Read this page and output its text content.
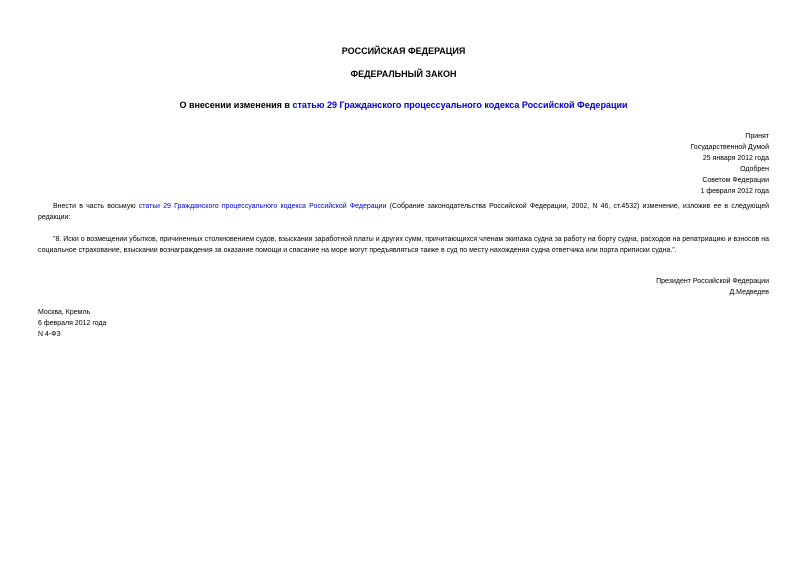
РОССИЙСКАЯ ФЕДЕРАЦИЯ
ФЕДЕРАЛЬНЫЙ ЗАКОН
О внесении изменения в статью 29 Гражданского процессуального кодекса Российской Федерации
Принят
Государственной Думой
25 января 2012 года
Одобрен
Советом Федерации
1 февраля 2012 года
Внести в часть восьмую статьи 29 Гражданского процессуального кодекса Российской Федерации (Собрание законодательства Российской Федерации, 2002, N 46, ст.4532) изменение, изложив ее в следующей редакции:
"8. Иски о возмещении убытков, причиненных столкновением судов, взыскании заработной платы и других сумм, причитающихся членам экипажа судна за работу на борту судна, расходов на репатриацию и взносов на социальное страхование, взыскании вознаграждения за оказание помощи и спасание на море могут предъявляться также в суд по месту нахождения судна ответчика или порта приписки судна.".
Президент Российской Федерации
Д.Медведев
Москва, Кремль
6 февраля 2012 года
N 4-ФЗ
